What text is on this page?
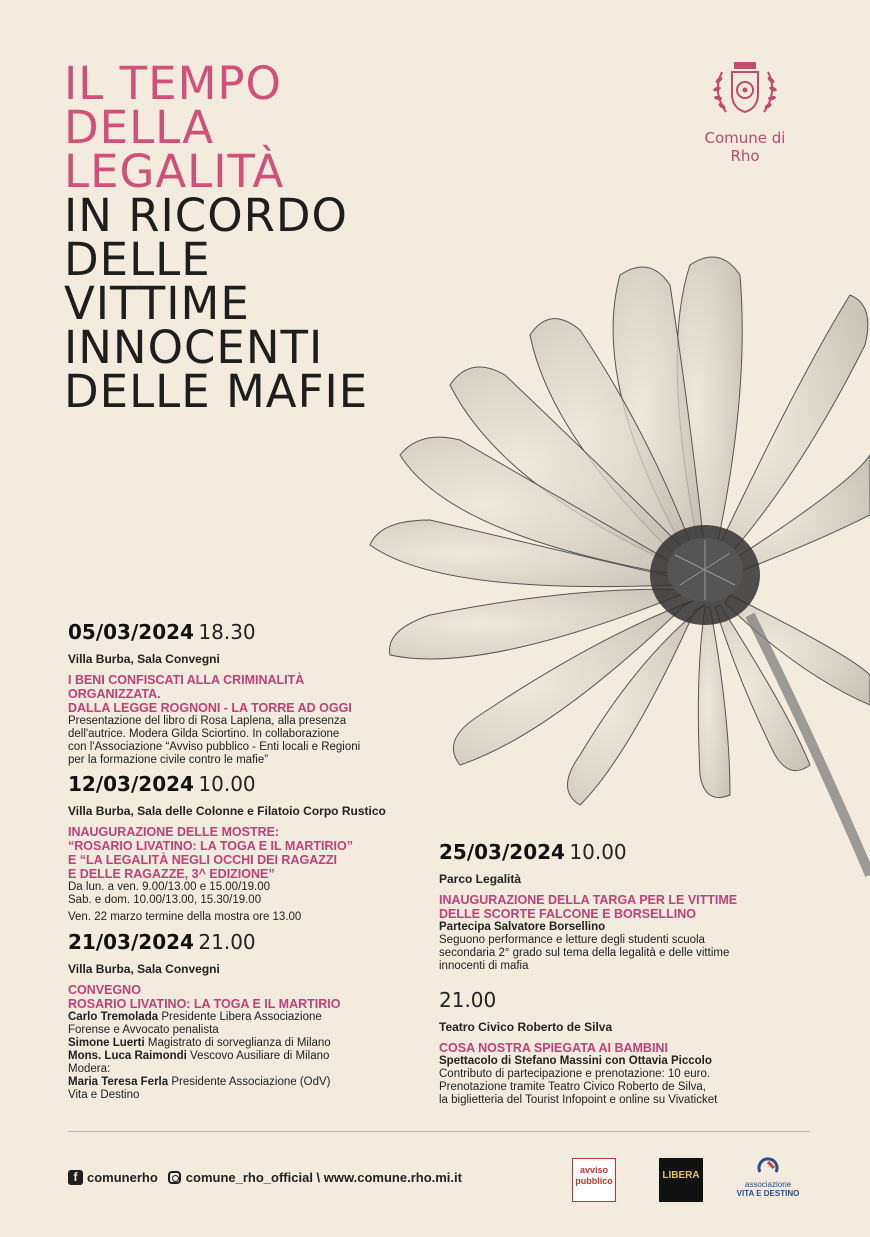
IL TEMPO
DELLA
LEGALITÀ
IN RICORDO
DELLE
VITTIME
INNOCENTI
DELLE MAFIE
Comune di Rho
05/03/2024 18.30
Villa Burba, Sala Convegni
I BENI CONFISCATI ALLA CRIMINALITÀ
ORGANIZZATA.
DALLA LEGGE ROGNONI - LA TORRE AD OGGI
Presentazione del libro di Rosa Laplena, alla presenza
dell'autrice. Modera Gilda Sciortino. In collaborazione
con l'Associazione “Avviso pubblico - Enti locali e Regioni
per la formazione civile contro le mafie”
12/03/2024 10.00
Villa Burba, Sala delle Colonne e Filatoio Corpo Rustico
INAUGURAZIONE DELLE MOSTRE:
“ROSARIO LIVATINO: LA TOGA E IL MARTIRIO”
E “LA LEGALITÀ NEGLI OCCHI DEI RAGAZZI
E DELLE RAGAZZE, 3^ EDIZIONE”
Da lun. a ven. 9.00/13.00 e 15.00/19.00
Sab. e dom. 10.00/13.00, 15.30/19.00
Ven. 22 marzo termine della mostra ore 13.00
21/03/2024 21.00
Villa Burba, Sala Convegni
CONVEGNO
ROSARIO LIVATINO: LA TOGA E IL MARTIRIO
Carlo Tremolada Presidente Libera Associazione
Forense e Avvocato penalista
Simone Luerti Magistrato di sorveglianza di Milano
Mons. Luca Raimondi Vescovo Ausiliare di Milano
Modera:
Maria Teresa Ferla Presidente Associazione (OdV)
Vita e Destino
25/03/2024 10.00
Parco Legalità
INAUGURAZIONE DELLA TARGA PER LE VITTIME
DELLE SCORTE FALCONE E BORSELLINO
Partecipa Salvatore Borsellino
Seguono performance e letture degli studenti scuola
secondaria 2° grado sul tema della legalità e delle vittime
innocenti di mafia
21.00
Teatro Civico Roberto de Silva
COSA NOSTRA SPIEGATA AI BAMBINI
Spettacolo di Stefano Massini con Ottavia Piccolo
Contributo di partecipazione e prenotazione: 10 euro.
Prenotazione tramite Teatro Civico Roberto de Silva,
la biglietteria del Tourist Infopoint e online su Vivaticket
f comunerho comune_rho_official \ www.comune.rho.mi.it	avviso
pubblico	LIBERA
associazione
VITA E DESTINO
